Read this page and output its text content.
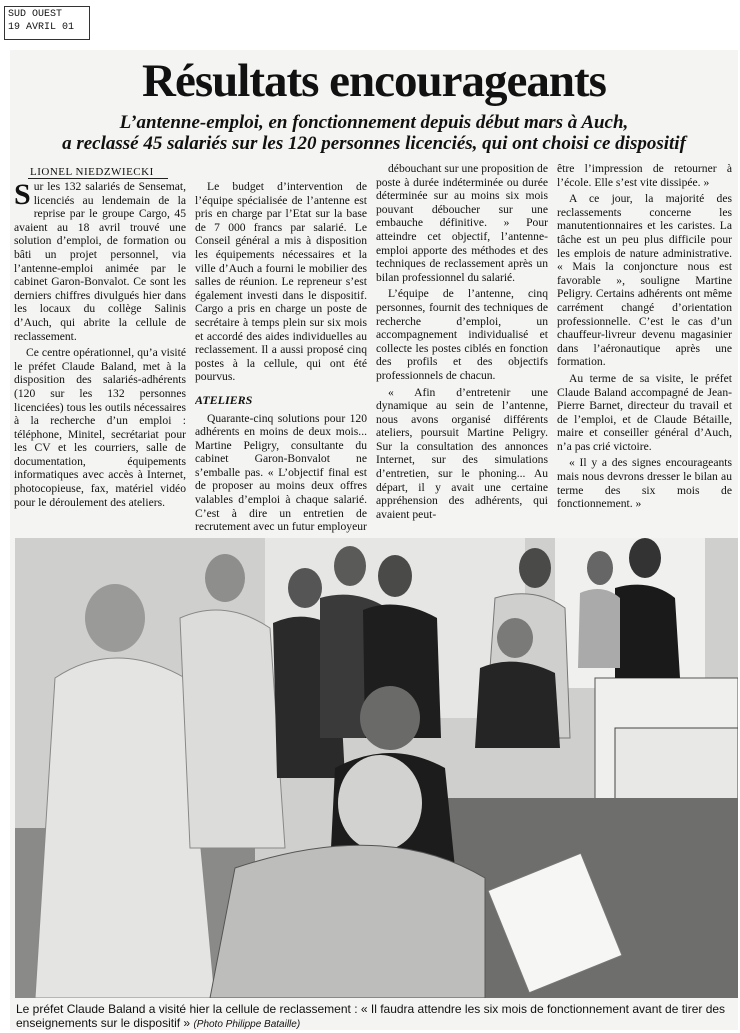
SUD OUEST
19 AVRIL 01
Résultats encourageants
L’antenne-emploi, en fonctionnement depuis début mars à Auch,
a reclassé 45 salariés sur les 120 personnes licenciés, qui ont choisi ce dispositif
LIONEL NIEDZWIECKI

Sur les 132 salariés de Sensemat, licenciés au lendemain de la reprise par le groupe Cargo, 45 avaient au 18 avril trouvé une solution d’emploi, de formation ou bâti un projet personnel, via l’antenne-emploi animée par le cabinet Garon-Bonvalot. Ce sont les derniers chiffres divulgués hier dans les locaux du collège Salinis d’Auch, qui abrite la cellule de reclassement.

Ce centre opérationnel, qu’a visité le préfet Claude Baland, met à la disposition des salariés-adhérents (120 sur les 132 personnes licenciées) tous les outils nécessaires à la recherche d’un emploi : téléphone, Minitel, secrétariat pour les CV et les courriers, salle de documentation, équipements informatiques avec accès à Internet, photocopieuse, fax, matériel vidéo pour le déroulement des ateliers.

Le budget d’intervention de l’équipe spécialisée de l’antenne est pris en charge par l’Etat sur la base de 7 000 francs par salarié. Le Conseil général a mis à disposition les équipements nécessaires et la ville d’Auch a fourni le mobilier des salles de réunion. Le repreneur s’est également investi dans le dispositif. Cargo a pris en charge un poste de secrétaire à temps plein sur six mois et accordé des aides individuelles au reclassement. Il a aussi proposé cinq postes à la cellule, qui ont été pourvus.

ATELIERS

Quarante-cinq solutions pour 120 adhérents en moins de deux mois... Martine Peligry, consultante du cabinet Garon-Bonvalot ne s’emballe pas. « L’objectif final est de proposer au moins deux offres valables d’emploi à chaque salarié. C’est à dire un entretien de recrutement avec un futur employeur

débouchant sur une proposition de poste à durée indéterminée ou durée déterminée sur au moins six mois pouvant déboucher sur une embauche définitive. » Pour atteindre cet objectif, l’antenne-emploi apporte des méthodes et des techniques de reclassement après un bilan professionnel du salarié.

L’équipe de l’antenne, cinq personnes, fournit des techniques de recherche d’emploi, un accompagnement individualisé et collecte les postes ciblés en fonction des profils et des objectifs professionnels de chacun.

« Afin d’entretenir une dynamique au sein de l’antenne, nous avons organisé différents ateliers, poursuit Martine Peligry. Sur la consultation des annonces Internet, sur des simulations d’entretien, sur le phoning... Au départ, il y avait une certaine appréhension des adhérents, qui avaient peut-

être l’impression de retourner à l’école. Elle s’est vite dissipée. »

A ce jour, la majorité des reclassements concerne les manutentionnaires et les caristes. La tâche est un peu plus difficile pour les emplois de nature administrative. « Mais la conjoncture nous est favorable », souligne Martine Peligry. Certains adhérents ont même carrément changé d’orientation professionnelle. C’est le cas d’un chauffeur-livreur devenu magasinier dans l’aéronautique après une formation.

Au terme de sa visite, le préfet Claude Baland accompagné de Jean-Pierre Barnet, directeur du travail et de l’emploi, et de Claude Bétaille, maire et conseiller général d’Auch, n’a pas crié victoire.

« Il y a des signes encourageants mais nous devrons dresser le bilan au terme des six mois de fonctionnement. »

Le préfet Claude Baland a visité hier la cellule de reclassement : « Il faudra attendre les six mois de fonctionnement avant de tirer des enseignements sur le dispositif » (Photo Philippe Bataille)
